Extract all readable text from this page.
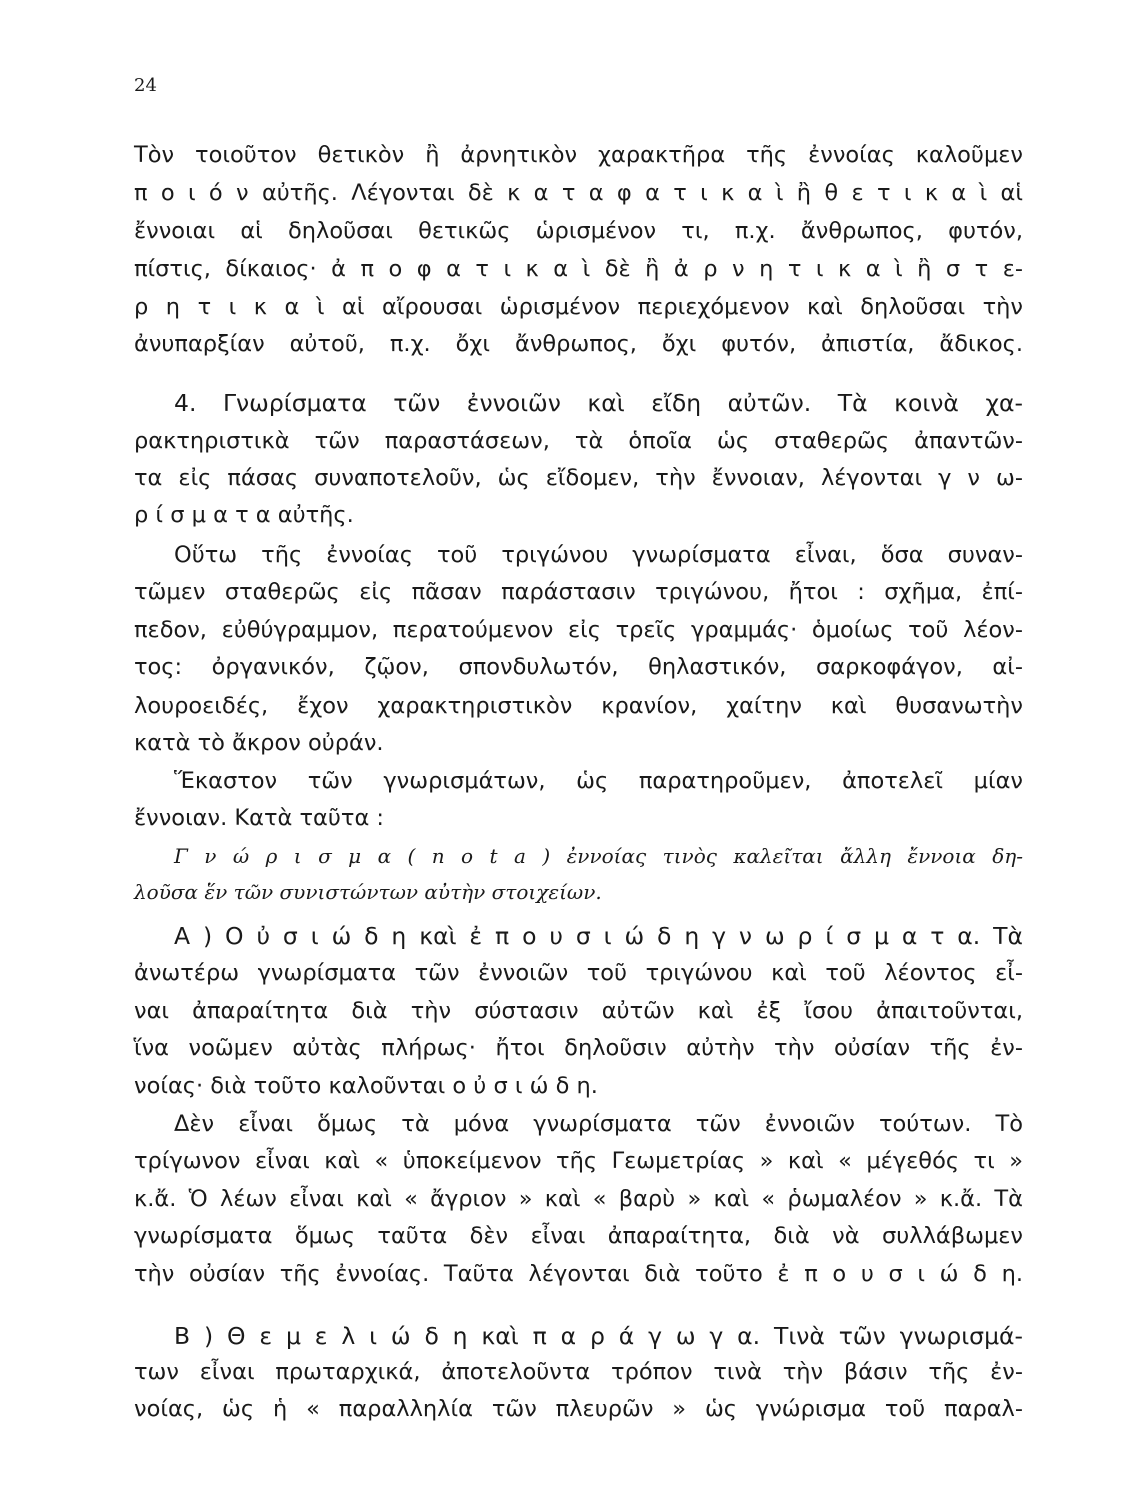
24
Τὸν τοιοῦτον θετικὸν ἢ ἀρνητικὸν χαρακτῆρα τῆς ἐννοίας καλοῦμεν
π ο ι ό ν αὐτῆς. Λέγονται δὲ κ α τ α φ α τ ι κ α ὶ ἢ θ ε τ ι κ α ὶ αἱ
ἔννοιαι αἱ δηλοῦσαι θετικῶς ὡρισμένον τι, π.χ. ἄνθρωπος, φυτόν,
πίστις, δίκαιος· ἀ π ο φ α τ ι κ α ὶ δὲ ἢ ἀ ρ ν η τ ι κ α ὶ ἢ σ τ ε-
ρ η τ ι κ α ὶ αἱ αἴρουσαι ὡρισμένον περιεχόμενον καὶ δηλοῦσαι τὴν
ἀνυπαρξίαν αὐτοῦ, π.χ. ὄχι ἄνθρωπος, ὄχι φυτόν, ἀπιστία, ἄδικος.
4. Γνωρίσματα τῶν ἐννοιῶν καὶ εἴδη αὐτῶν. Τὰ κοινὰ χα-
ρακτηριστικὰ τῶν παραστάσεων, τὰ ὁποῖα ὡς σταθερῶς ἀπαντῶν-
τα εἰς πάσας συναποτελοῦν, ὡς εἴδομεν, τὴν ἔννοιαν, λέγονται γ ν ω-
ρ ί σ μ α τ α αὐτῆς.
Οὕτω τῆς ἐννοίας τοῦ τριγώνου γνωρίσματα εἶναι, ὅσα συναν-
τῶμεν σταθερῶς εἰς πᾶσαν παράστασιν τριγώνου, ἤτοι : σχῆμα, ἐπί-
πεδον, εὐθύγραμμον, περατούμενον εἰς τρεῖς γραμμάς· ὁμοίως τοῦ λέον-
τος: ὀργανικόν, ζῷον, σπονδυλωτόν, θηλαστικόν, σαρκοφάγον, αἰ-
λουροειδές, ἔχον χαρακτηριστικὸν κρανίον, χαίτην καὶ θυσανωτὴν
κατὰ τὸ ἄκρον οὐράν.
Ἕκαστον τῶν γνωρισμάτων, ὡς παρατηροῦμεν, ἀποτελεῖ μίαν
ἔννοιαν. Κατὰ ταῦτα :
Γ ν ώ ρ ι σ μ α ( n o t a ) ἐννοίας τινὸς καλεῖται ἄλλη ἔννοια δη-
λοῦσα ἕν τῶν συνιστώντων αὐτὴν στοιχείων.
Α ) Ο ὐ σ ι ώ δ η καὶ ἐ π ο υ σ ι ώ δ η γ ν ω ρ ί σ μ α τ α. Τὰ
ἀνωτέρω γνωρίσματα τῶν ἐννοιῶν τοῦ τριγώνου καὶ τοῦ λέοντος εἶ-
ναι ἀπαραίτητα διὰ τὴν σύστασιν αὐτῶν καὶ ἐξ ἴσου ἀπαιτοῦνται,
ἵνα νοῶμεν αὐτὰς πλήρως· ἤτοι δηλοῦσιν αὐτὴν τὴν οὐσίαν τῆς ἐν-
νοίας· διὰ τοῦτο καλοῦνται ο ὐ σ ι ώ δ η.
Δὲν εἶναι ὅμως τὰ μόνα γνωρίσματα τῶν ἐννοιῶν τούτων. Τὸ
τρίγωνον εἶναι καὶ « ὑποκείμενον τῆς Γεωμετρίας » καὶ « μέγεθός τι »
κ.ἄ. Ὁ λέων εἶναι καὶ « ἄγριον » καὶ « βαρὺ » καὶ « ῥωμαλέον » κ.ἄ. Τὰ
γνωρίσματα ὅμως ταῦτα δὲν εἶναι ἀπαραίτητα, διὰ νὰ συλλάβωμεν
τὴν οὐσίαν τῆς ἐννοίας. Ταῦτα λέγονται διὰ τοῦτο ἐ π ο υ σ ι ώ δ η.
Β ) Θ ε μ ε λ ι ώ δ η καὶ π α ρ ά γ ω γ α. Τινὰ τῶν γνωρισμά-
των εἶναι πρωταρχικά, ἀποτελοῦντα τρόπον τινὰ τὴν βάσιν τῆς ἐν-
νοίας, ὡς ἡ « παραλληλία τῶν πλευρῶν » ὡς γνώρισμα τοῦ παραλ-
